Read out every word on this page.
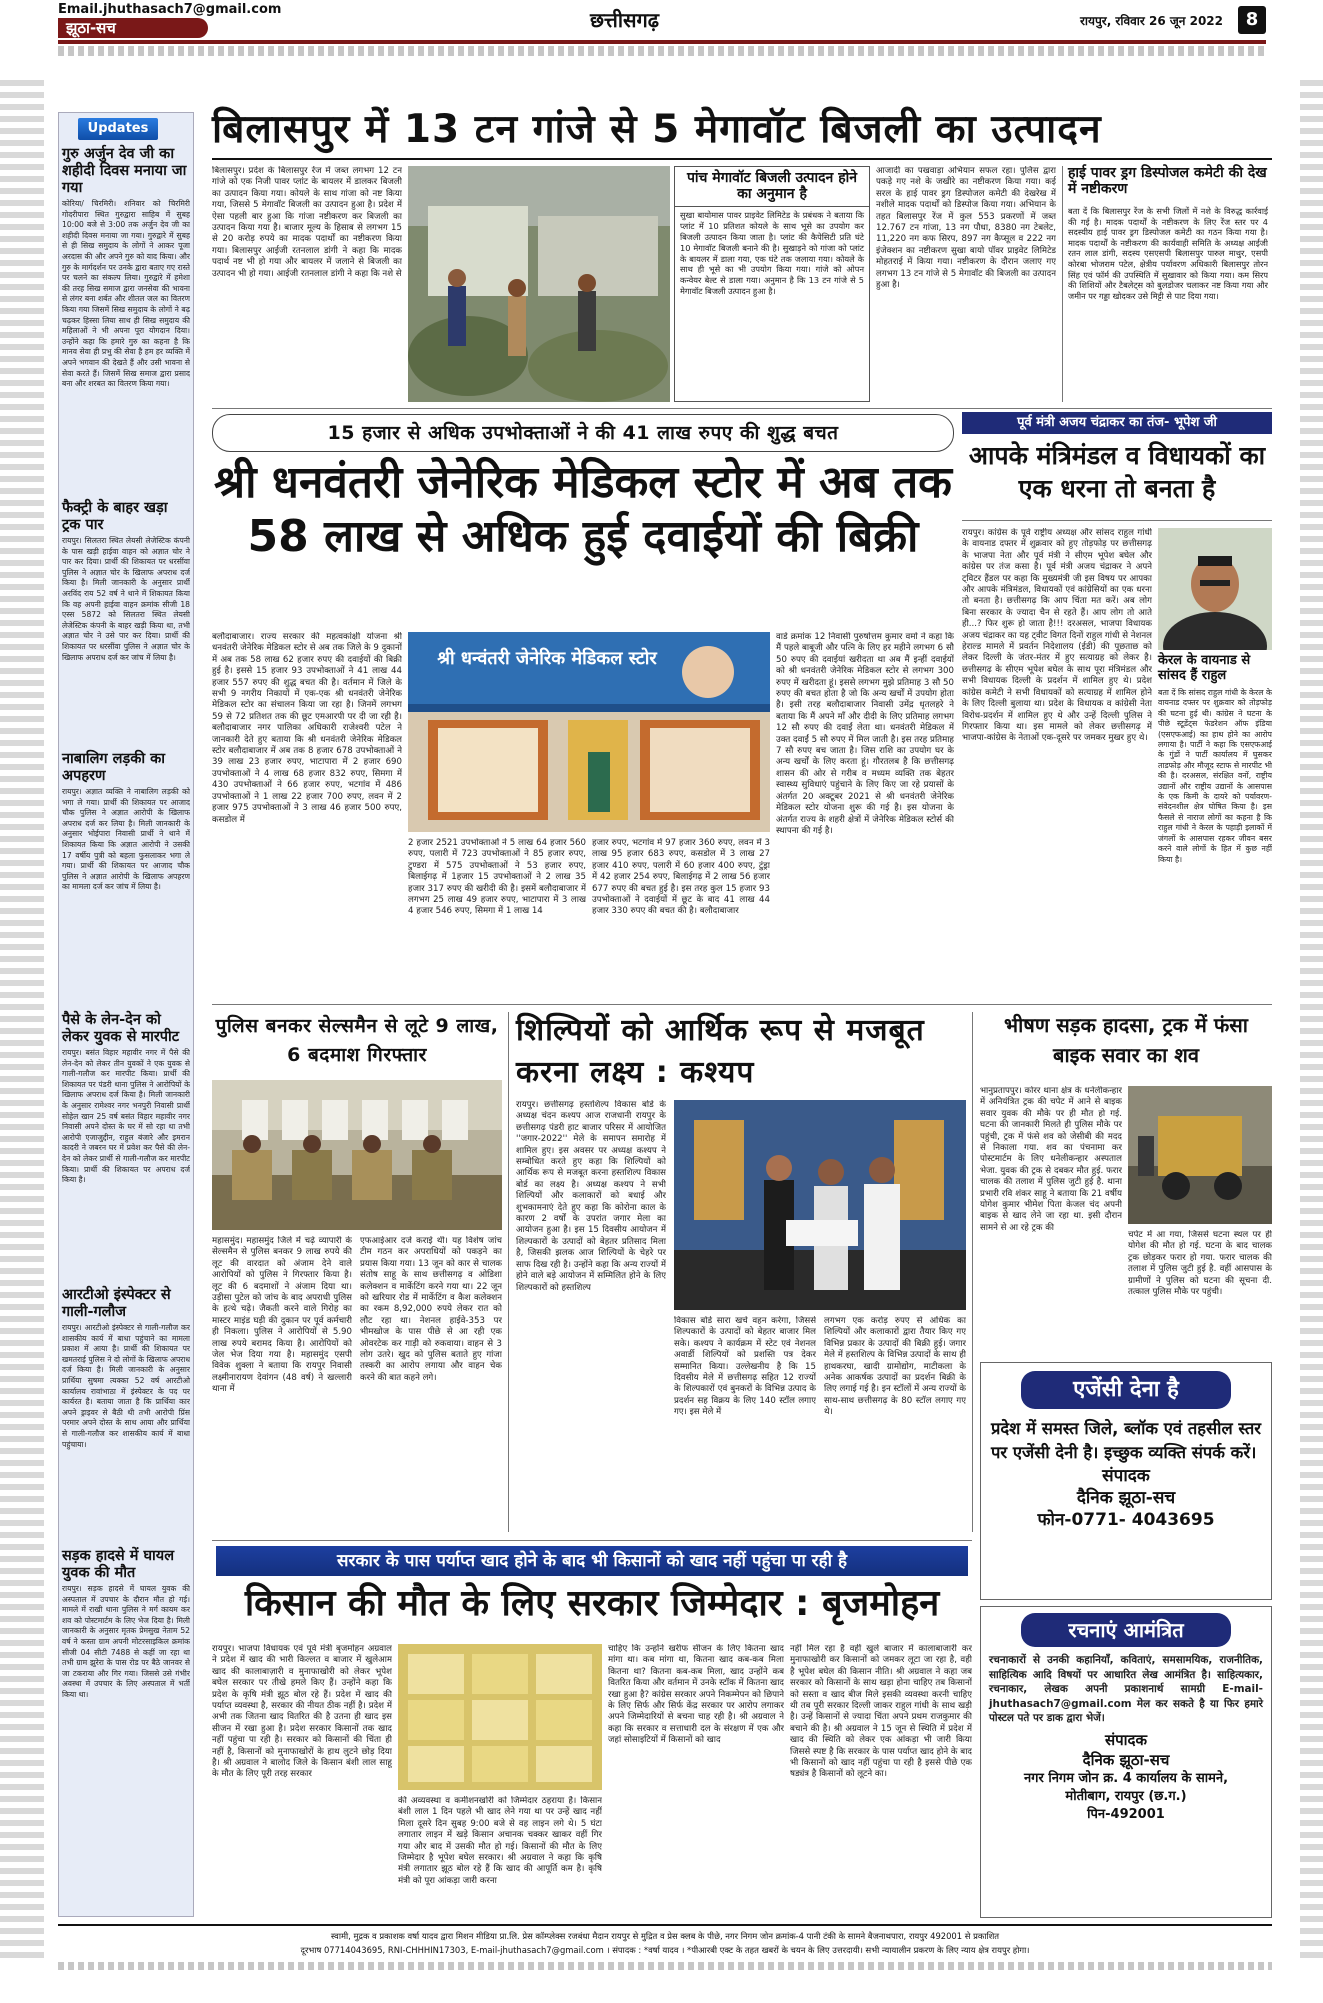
Email.jhuthasach7@gmail.com
झूठा-सच	छत्तीसगढ़	रायपुर, रविवार 26 जून 2022	8
Updates
गुरु अर्जुन देव जी का शहीदी दिवस मनाया जा गया
कोरिया/ चिरमिरी। शनिवार को चिरमिरी गोदरीपारा स्थित गुरुद्वारा साहिब में सुबह 10:00 बजे से 3:00 तक अर्जुन देव जी का शहीदी दिवस मनाया जा गया। गुरुद्वारे में सुबह से ही सिख समुदाय के लोगों ने आकर पूजा अरदास की और अपने गुरु को याद किया। और गुरु के मार्गदर्शन पर उनके द्वारा बताए गए रास्ते पर चलने का संकल्प लिया। गुरुद्वारे में हमेशा की तरह सिख समाज द्वारा जनसेवा की भावना से लंगर बना शर्बत और शीतल जल का वितरण किया गया जिसमें सिख समुदाय के लोगों ने बढ़ चढ़कर हिस्सा लिया साथ ही सिख समुदाय की महिलाओं ने भी अपना पूरा योगदान दिया। उन्होंने कहा कि हमारे गुरु का कहना है कि मानव सेवा ही प्रभु की सेवा है हम हर व्यक्ति में अपने भगवान की देखते हैं और उसी भावना से सेवा करते हैं। जिसमें सिख समाज द्वारा प्रसाद बना और शरबत का वितरण किया गया।
फैक्ट्री के बाहर खड़ा ट्रक पार
रायपुर। सिलतरा स्थित लेयसी लेजेस्टिक कंपनी के पास खड़ी हाईवा वाहन को अज्ञात चोर ने पार कर दिया। प्रार्थी की शिकायत पर धरसींवा पुलिस ने अज्ञात चोर के खिलाफ अपराध दर्ज किया है। मिली जानकारी के अनुसार प्रार्थी अरविंद राय 52 वर्ष ने थाने में शिकायत किया कि वह अपनी हाईवा वाहन क्रमांक सीजी 18 एस्स 5872 को सिलतरा स्थित लेयसी लेजेस्टिक कंपनी के बाहर खड़ी किया था, तभी अज्ञात चोर ने उसे पार कर दिया। प्रार्थी की शिकायत पर धरसींवा पुलिस ने अज्ञात चोर के खिलाफ अपराध दर्ज कर जांच में लिया है।
नाबालिग लड़की का अपहरण
रायपुर। अज्ञात व्यक्ति ने नाबालिग लड़की को भगा ले गया। प्रार्थी की शिकायत पर आजाद चौक पुलिस ने अज्ञात आरोपी के खिलाफ अपराध दर्ज कर लिया है। मिली जानकारी के अनुसार भोईपारा निवासी प्रार्थी ने थाने में शिकायत किया कि अज्ञात आरोपी ने उसकी 17 वर्षीय पुत्री को बहला फुसलाकर भगा ले गया। प्रार्थी की शिकायत पर आजाद चौक पुलिस ने अज्ञात आरोपी के खिलाफ अपहरण का मामला दर्ज कर जांच में लिया है।
पैसे के लेन-देन को लेकर युवक से मारपीट
रायपुर। बसंत विहार महावीर नगर में पैसे की लेन-देन को लेकर तीन युवकों ने एक युवक से गाली-गलौज कर मारपीट किया। प्रार्थी की शिकायत पर पंडरी थाना पुलिस ने आरोपियों के खिलाफ अपराध दर्ज किया है। मिली जानकारी के अनुसार रामेश्वर नगर भनपुरी निवासी प्रार्थी सोहेल खान 25 वर्ष बसंत विहार महावीर नगर निवासी अपने दोस्त के घर में सो रहा था तभी आरोपी एजाजुद्दीन, राहुल बंजारे और इमरान कादरी ने जबरन घर में प्रवेश कर पैसे की लेन-देन को लेकर प्रार्थी से गाली-गलौज कर मारपीट किया। प्रार्थी की शिकायत पर अपराध दर्ज किया है।
आरटीओ इंस्पेक्टर से गाली-गलौज
रायपुर। आरटीओ इंस्पेक्टर से गाली-गलौज कर शासकीय कार्य में बाधा पहुंचाने का मामला प्रकाश में आया है। प्रार्थी की शिकायत पर खमतराई पुलिस ने दो लोगों के खिलाफ अपराध दर्ज किया है। मिली जानकारी के अनुसार प्रार्थिया सुषमा त्यक्का 52 वर्ष आरटीओ कार्यालय रावांभाठा में इंस्पेक्टर के पद पर कार्यरत है। बताया जाता है कि प्रार्थिया कार अपने ड्राइवर से बैठी थी तभी आरोपी प्रिंस परमार अपने दोस्त के साथ आया और प्रार्थिया से गाली-गलौज कर शासकीय कार्य में बाधा पहुंचाया।
सड़क हादसे में घायल युवक की मौत
रायपुर। सड़क हादसे में घायल युवक की अस्पताल में उपचार के दौरान मौत हो गई। मामले में राखी थाना पुलिस ने मर्ग कायम कर शव को पोस्टमार्टम के लिए भेज दिया है। मिली जानकारी के अनुसार मृतक प्रेमसुख नेताम 52 वर्ष ने कस्ता ग्राम अपनी मोटरसाइकिल क्रमांक सीजी 04 सीटी 7488 से कहीं जा रहा था तभी ग्राम झुरेरा के पास रोड पर बैठे जानवर से जा टकराया और गिर गया। जिससे उसे गंभीर अवस्था में उपचार के लिए अस्पताल में भर्ती किया था।
बिलासपुर में 13 टन गांजे से 5 मेगावॉट बिजली का उत्पादन
बिलासपुर। प्रदेश के बिलासपुर रेंज में जब्त लगभग 12 टन गांजे को एक निजी पावर प्लांट के बायलर में डालकर बिजली का उत्पादन किया गया। कोयले के साथ गांजा को नष्ट किया गया, जिससे 5 मेगावॉट बिजली का उत्पादन हुआ है। प्रदेश में ऐसा पहली बार हुआ कि गांजा नष्टीकरण कर बिजली का उत्पादन किया गया है। बाजार मूल्य के हिसाब से लगभग 15 से 20 करोड़ रुपये का मादक पदार्थों का नष्टीकरण किया गया। बिलासपुर आईजी रतनलाल डांगी ने कहा कि मादक पदार्थ नष्ट भी हो गया और बायलर में जलाने से बिजली का उत्पादन भी हो गया। आईजी रतनलाल डांगी ने कहा कि नशे से
पांच मेगावॉट बिजली उत्पादन होने का अनुमान है
सुखा बायोमास पावर प्राइवेट लिमिटेड के प्रबंधक ने बताया कि प्लांट में 10 प्रतिशत कोयले के साथ भूसे का उपयोग कर बिजली उत्पादन किया जाता है। प्लांट की कैपेसिटी प्रति घंटे 10 मेगावॉट बिजली बनाने की है। सुखाड़ने को गांजा को प्लांट के बायलर में डाला गया, एक घंटे तक जलाया गया। कोयले के साथ ही भूसे का भी उपयोग किया गया। गांजे को ओपन कन्वेयर बेल्ट से डाला गया। अनुमान है कि 13 टन गांजे से 5 मेगावॉट बिजली उत्पादन हुआ है।
आजादी का पखवाड़ा अभियान सफल रहा। पुलिस द्वारा पकड़े गए नशे के जखीरे का नष्टीकरण किया गया। कई सरल के हाई पावर ड्रग डिस्पोजल कमेटी की देखरेख में नशीले मादक पदार्थों को डिस्पोज किया गया। अभियान के तहत बिलासपुर रेंज में कुल 553 प्रकरणों में जब्त 12.767 टन गांजा, 13 नग पौधा, 8380 नग टेबलेट, 11,220 नग कफ सिरप, 897 नग कैप्सूल व 222 नग इंजेक्शन का नष्टीकरण सुखा बायो पॉवर प्राइवेट लिमिटेड मोहतराई में किया गया। नष्टीकरण के दौरान जलाए गए लगभग 13 टन गांजे से 5 मेगावॉट की बिजली का उत्पादन हुआ है।
हाई पावर ड्रग डिस्पोजल कमेटी की देख में नष्टीकरण
बता दें कि बिलासपुर रेंज के सभी जिलों में नशे के विरुद्ध कार्रवाई की गई है। मादक पदार्थों के नष्टीकरण के लिए रेंज स्तर पर 4 सदस्यीय हाई पावर ड्रग डिस्पोजल कमेटी का गठन किया गया है। मादक पदार्थों के नष्टीकरण की कार्यवाही समिति के अध्यक्ष आईजी रतन लाल डांगी, सदस्य एसएसपी बिलासपुर पारुल माथुर, एसपी कोरबा भोजराम पटेल, क्षेत्रीय पर्यावरण अधिकारी बिलासपुर तोरन सिंह एवं फॉर्म की उपस्थिति में सुखावार को किया गया। कम सिरप की शिशियों और टैबलेट्स को बुलडोजर चलाकर नष्ट किया गया और जमीन पर गड्डा खोदकर उसे मिट्टी से पाट दिया गया।
15 हजार से अधिक उपभोक्ताओं ने की 41 लाख रुपए की शुद्ध बचत
श्री धनवंतरी जेनेरिक मेडिकल स्टोर में अब तक 58 लाख से अधिक हुई दवाईयों की बिक्री
बलौदाबाजार। राज्य सरकार की महत्वकांक्षी योजना श्री धनवंतरी जेनेरिक मेडिकल स्टोर से अब तक जिले के 9 दुकानों में अब तक 58 लाख 62 हजार रुपए की दवाईयों की बिक्री हुई है। इससे 15 हजार 93 उपभोक्ताओं ने 41 लाख 44 हजार 557 रुपए की शुद्ध बचत की है। वर्तमान में जिले के सभी 9 नगरीय निकायों में एक-एक श्री धनवंतरी जेनेरिक मेडिकल स्टोर का संचालन किया जा रहा है। जिनमें लगभग 59 से 72 प्रतिशत तक की छूट एमआरपी पर दी जा रही है। बलौदाबाजार नगर पालिका अधिकारी राजेश्वरी पटेल ने जानकारी देते हुए बताया कि श्री धनवंतरी जेनेरिक मेडिकल स्टोर बलौदाबाजार में अब तक 8 हजार 678 उपभोक्ताओं ने 39 लाख 23 हजार रुपए, भाटापारा में 2 हजार 690 उपभोक्ताओं ने 4 लाख 68 हजार 832 रुपए, सिमगा में 430 उपभोक्ताओं ने 66 हजार रुपए, भटगांव में 486 उपभोक्ताओं ने 1 लाख 22 हजार 700 रुपए, लवन में 2 हजार 975 उपभोक्ताओं ने 3 लाख 46 हजार 500 रुपए, कसडोल में
श्री धन्वंतरी जेनेरिक मेडिकल स्टोर
2 हजार 2521 उपभोक्ताओं ने 5 लाख 64 हजार 560 रुपए, पलारी में 723 उपभोक्ताओं ने 85 हजार रुपए, टुण्डरा में 575 उपभोक्ताओं ने 53 हजार रुपए, बिलाईगढ़ में 1हजार 15 उपभोक्ताओं ने 2 लाख 35 हजार 317 रुपए की खरीदी की है। इसमें बलौदाबाजार में लगभग 25 लाख 49 हजार रुपए, भाटापारा में 3 लाख 4 हजार 546 रुपए, सिमगा में 1 लाख 14
हजार रुपए, भटगांव में 97 हजार 360 रुपए, लवन में 3 लाख 95 हजार 683 रुपए, कसडोल में 3 लाख 27 हजार 410 रुपए, पलारी में 60 हजार 400 रुपए, टुंड्रा में 42 हजार 254 रुपए, बिलाईगढ़ में 2 लाख 56 हजार 677 रुपए की बचत हुई है। इस तरह कुल 15 हजार 93 उपभोक्ताओं ने दवाईयों में छूट के बाद 41 लाख 44 हजार 330 रुपए की बचत की है। बलौदाबाजार
वार्ड क्रमांक 12 निवासी पुरुषोत्तम कुमार वर्मा ने कहा कि मैं पहले बाबूजी और पत्नि के लिए हर महीने लगभग 6 सौ 50 रुपए की दवाईयां खरीदता था अब मैं इन्हीं दवाईयों को श्री धनवंतरी जेनेरिक मेडिकल स्टोर से लगभग 300 रुपए में खरीदता हूं। इससे लगभग मुझे प्रतिमाह 3 सौ 50 रुपए की बचत होता है जो कि अन्य खर्चों में उपयोग होता है। इसी तरह बलौदाबाजार निवासी उमेंद्र धृतलहरे ने बताया कि मैं अपने माँ और दीदी के लिए प्रतिमाह लगभग 12 सौ रुपए की दवाईं लेता था। धनवंतरी मेडिकल में उक्त दवाईं 5 सौ रुपए में मिल जाती है। इस तरह प्रतिमाह 7 सौ रुपए बच जाता है। जिस राशि का उपयोग घर के अन्य खर्चों के लिए करता हूं। गौरतलब है कि छत्तीसगढ़ शासन की ओर से गरीब व मध्यम व्यक्ति तक बेहतर स्वास्थ्य सुविधाएं पहुंचाने के लिए किए जा रहे प्रयासों के अंतर्गत 20 अक्टूबर 2021 से श्री धनवंतरी जेनेरिक मेडिकल स्टोर योजना शुरू की गई है। इस योजना के अंतर्गत राज्य के शहरी क्षेत्रों में जेनेरिक मेडिकल स्टोर्स की स्थापना की गई है।
पूर्व मंत्री अजय चंद्राकर का तंज- भूपेश जी
आपके मंत्रिमंडल व विधायकों का एक धरना तो बनता है
रायपुर। कांग्रेस के पूर्व राष्ट्रीय अध्यक्ष और सांसद राहुल गांधी के वायनाड दफ्तर में शुक्रवार को हुए तोड़फोड़ पर छत्तीसगढ़ के भाजपा नेता और पूर्व मंत्री ने सीएम भूपेश बघेल और कांग्रेस पर तंज कसा है। पूर्व मंत्री अजय चंद्राकर ने अपने ट्विटर हैंडल पर कहा कि मुख्यमंत्री जी इस विषय पर आपका और आपके मंत्रिमंडल, विधायकों एवं कांग्रेसियों का एक धरना तो बनता है। छत्तीसगढ़ कि आप चिंता मत करें। अब लोग बिना सरकार के ज्यादा चैन से रहते हैं। आप लोग तो आते ही...? फिर शुरू हो जाता है!!! दरअसल, भाजपा विधायक अजय चंद्राकर का यह ट्वीट विगत दिनों राहुल गांधी से नेशनल हेराल्ड मामले में प्रवर्तन निदेशालय (ईडी) की पूछताछ को लेकर दिल्ली के जंतर-मंतर में हुए सत्याग्रह को लेकर है। छत्तीसगढ़ के सीएम भूपेश बघेल के साथ पूरा मंत्रिमंडल और सभी विधायक दिल्ली के प्रदर्शन में शामिल हुए थे। प्रदेश कांग्रेस कमेटी ने सभी विधायकों को सत्याग्रह में शामिल होने के लिए दिल्ली बुलाया था। प्रदेश के विधायक व कांग्रेसी नेता विरोध-प्रदर्शन में शामिल हुए थे और उन्हें दिल्ली पुलिस ने गिरफ्तार किया था। इस मामले को लेकर छत्तीसगढ़ में भाजपा-कांग्रेस के नेताओं एक-दूसरे पर जमकर मुखर हुए थे।
केरल के वायनाड से सांसद हैं राहुल
बता दें कि सांसद राहुल गांधी के केरल के वायनाड दफ्तर पर शुक्रवार को तोड़फोड़ की घटना हुई थी। कांग्रेस ने घटना के पीछे स्टूडेंट्स फेडरेशन ऑफ इंडिया (एसएफआई) का हाथ होने का आरोप लगाया है। पार्टी ने कहा कि एसएफआई के गुंडों ने पार्टी कार्यालय में घुसकर ताडफोड़ और मौजूद स्टाफ से मारपीट भी की है। दरअसल, संरक्षित वनों, राष्ट्रीय उद्यानों और राष्ट्रीय उद्यानों के आसपास के एक किमी के दायरे को पर्यावरण-संवेदनशील क्षेत्र घोषित किया है। इस फैसले से नाराज लोगों का कहना है कि राहुल गांधी ने केरल के पहाड़ी इलाकों में जंगलों के आसपास रहकर जीवन बसर करने वाले लोगों के हित में कुछ नहीं किया है।
पुलिस बनकर सेल्समैन से लूटे 9 लाख, 6 बदमाश गिरफ्तार
महासमुंद। महासमुंद जिले में चढ़े व्यापारी के सेल्समैन से पुलिस बनकर 9 लाख रुपये की लूट की वारदात को अंजाम देने वाले आरोपियों को पुलिस ने गिरफ्तार किया है। लूट की 6 बदमाशों ने अंजाम दिया था। उड़ीसा पुटेल को जांच के बाद अपराधी पुलिस के हत्थे चढ़े। जैकती करने वाले गिरोह का मास्टर माइंड घड़ी की दुकान पर पूर्व कर्मचारी ही निकला। पुलिस ने आरोपियों से 5.90 लाख रुपये बरामद किया है। आरोपियों को जेल भेज दिया गया है। महासमुंद एसपी विवेक शुक्ला ने बताया कि रायपुर निवासी लक्ष्मीनारायण देवांगन (48 वर्ष) ने खल्लारी थाना में
एफआईआर दर्ज कराई थी। यह विशेष जांच टीम गठन कर अपराधियों को पकड़ने का प्रयास किया गया। 13 जून को कार से चालक संतोष साहू के साथ छत्तीसगढ़ व ओडिशा कलेक्शन व मार्केटिंग करने गया था। 22 जून को खरियार रोड में मार्केटिंग व कैश कलेक्शन का रकम 8,92,000 रुपये लेकर रात को लौट रहा था। नेशनल हाईवे-353 पर भीमखोज के पास पीछे से आ रही एक ओवरटेक कर गाड़ी को रुकवाया। वाहन से 3 लोग उतरे। खुद को पुलिस बताते हुए गांजा तस्करी का आरोप लगाया और वाहन चेक करने की बात कहने लगे।
शिल्पियों को आर्थिक रूप से मजबूत करना लक्ष्य : कश्यप
रायपुर। छत्तीसगढ़ हस्तशिल्प विकास बोर्ड के अध्यक्ष चंदन कश्यप आज राजधानी रायपुर के छत्तीसगढ़ पंडरी हाट बाजार परिसर में आयोजित ''जगार-2022'' मेले के समापन समारोह में शामिल हुए। इस अवसर पर अध्यक्ष कश्यप ने सम्बोधित करते हुए कहा कि शिल्पियों को आर्थिक रूप से मजबूत करना हस्तशिल्प विकास बोर्ड का लक्ष्य है। अध्यक्ष कश्यप ने सभी शिल्पियों और कलाकारों को बधाई और शुभकामनाएं देते हुए कहा कि कोरोना काल के कारण 2 वर्षों के उपरांत जगार मेला का आयोजन हुआ है। इस 15 दिवसीय आयोजन में शिल्पकारों के उत्पादों को बेहतर प्रतिसाद मिला है, जिसकी झलक आज शिल्पियों के चेहरे पर साफ दिख रही है। उन्होंने कहा कि अन्य राज्यों में होने वाले बड़े आयोजन में सम्मिलित होने के लिए शिल्पकारों को हस्तशिल्प
विकास बोर्ड सारा खर्च वहन करेगा, जिससे शिल्पकारों के उत्पादों को बेहतर बाजार मिल सके। कश्यप ने कार्यक्रम में स्टेट एवं नेशनल अवार्डी शिल्पियों को प्रशस्ति पत्र देकर सम्मानित किया। उल्लेखनीय है कि 15 दिवसीय मेले में छत्तीसगढ़ सहित 12 राज्यों के शिल्पकारों एवं बुनकरों के विभिन्न उत्पाद के प्रदर्शन सह विक्रय के लिए 140 स्टॉल लगाए गए। इस मेले में
लगभग एक करोड़ रुपए से अधिक का शिल्पियों और कलाकारों द्वारा तैयार किए गए विभिन्न प्रकार के उत्पादों की बिक्री हुई। जगार मेले में हस्तशिल्प के विभिन्न उत्पादों के साथ ही हाथकरघा, खादी ग्रामोद्योग, माटीकला के अनेक आकर्षक उत्पादों का प्रदर्शन बिक्री के लिए लगाई गई है। इन स्टॉलों में अन्य राज्यों के साथ-साथ छत्तीसगढ़ के 80 स्टॉल लगाए गए थे।
भीषण सड़क हादसा, ट्रक में फंसा बाइक सवार का शव
भानुप्रतापपुर। कोरर थाना क्षेत्र के धनेलीकन्हार में अनियंत्रित ट्रक की चपेट में आने से बाइक सवार युवक की मौके पर ही मौत हो गई. घटना की जानकारी मिलते ही पुलिस मौके पर पहुंची, ट्रक में फंसे शव को जेसीबी की मदद से निकाला गया. शव का पंचनामा कर पोस्टमार्टम के लिए धनेलीकन्हार अस्पताल भेजा. युवक की ट्रक से दबकर मौत हुई. फरार चालक की तलाश में पुलिस जुटी हुई है. थाना प्रभारी रवि शंकर साहू ने बताया कि 21 वर्षीय योगेश कुमार भीमेश पिता केजल चंद अपनी बाइक से खाद लेने जा रहा था. इसी दौरान सामने से आ रहे ट्रक की
चपेट में आ गया, जिससे घटना स्थल पर ही योगेश की मौत हो गई. घटना के बाद चालक ट्रक छोड़कर फरार हो गया. फरार चालक की तलाश में पुलिस जुटी हुई है. वहीं आसपास के ग्रामीणों ने पुलिस को घटना की सूचना दी. तत्काल पुलिस मौके पर पहुंची।
एजेंसी देना है
प्रदेश में समस्त जिले, ब्लॉक एवं तहसील स्तर पर एजेंसी देनी है। इच्छुक व्यक्ति संपर्क करें।
संपादक
दैनिक झूठा-सच
फोन-0771- 4043695
सरकार के पास पर्याप्त खाद होने के बाद भी किसानों को खाद नहीं पहुंचा पा रही है
किसान की मौत के लिए सरकार जिम्मेदार : बृजमोहन
रायपुर। भाजपा विधायक एवं पूर्व मंत्री बृजमोहन अग्रवाल ने प्रदेश में खाद की भारी किल्लत व बाजार में खुलेआम खाद की कालाबाज़ारी व मुनाफाखोरी को लेकर भूपेश बघेल सरकार पर तीखे हमले किए हैं। उन्होंने कहा कि प्रदेश के कृषि मंत्री झूठ बोल रहे हैं। प्रदेश में खाद की पर्याप्त व्यवस्था है, सरकार की नीयत ठीक नहीं है। प्रदेश में अभी तक जितना खाद वितरित की है उतना ही खाद इस सीजन में रखा हुआ है। प्रदेश सरकार किसानों तक खाद नहीं पहुंचा पा रही है। सरकार को किसानों की चिंता ही नहीं है, किसानों को मुनाफाखोरों के हाथ लुटने छोड़ दिया है। श्री अग्रवाल ने बालोद जिले के किसान बंशी लाल साहू के मौत के लिए पूरी तरह सरकार
की अव्यवस्था व कमीशनखोरी को जिम्मेदार ठहराया है। किसान बंशी लाल 1 दिन पहले भी खाद लेने गया था पर उन्हें खाद नहीं मिला दूसरे दिन सुबह 9:00 बजे से वह लाइन लगे थे। 5 घंटा लगातार लाइन में खड़े किसान अचानक चक्कर खाकर वहीं गिर गया और बाद में उसकी मौत हो गई। किसानों की मौत के लिए जिम्मेदार है भूपेश बघेल सरकार। श्री अग्रवाल ने कहा कि कृषि मंत्री लगातार झूठ बोल रहे हैं कि खाद की आपूर्ति कम है। कृषि मंत्री को पूरा आंकड़ा जारी करना
चाहिए कि उन्होंने खरीफ सीजन के लिए कितना खाद मांगा था। कब मांगा था, कितना खाद कब-कब मिला कितना था? कितना कब-कब मिला, खाद उन्होंने कब वितरित किया और वर्तमान में उनके स्टॉक में कितना खाद रखा हुआ है? कांग्रेस सरकार अपने निकम्मेपन को छिपाने के लिए सिर्फ और सिर्फ केंद्र सरकार पर आरोप लगाकर अपने जिम्मेदारियों से बचना चाह रही है। श्री अग्रवाल ने कहा कि सरकार व सत्ताधारी दल के संरक्षण में एक और जहां सोसाइटियों में किसानों को खाद
नहीं मिल रहा है वहीं खुले बाजार में कालाबाजारी कर मुनाफाखोरी कर किसानों को जमकर लूटा जा रहा है, वही है भूपेश बघेल की किसान नीति। श्री अग्रवाल ने कहा जब सरकार को किसानों के साथ खड़ा होना चाहिए तब किसानों को सस्ता व खाद बीज मिले इसकी व्यवस्था करनी चाहिए थी तब पूरी सरकार दिल्ली जाकर राहुल गांधी के साथ खड़ी है। उन्हें किसानों से ज्यादा चिंता अपने प्रथम राजकुमार की बचाने की है। श्री अग्रवाल ने 15 जून से स्थिति में प्रदेश में खाद की स्थिति को लेकर एक आंकड़ा भी जारी किया जिससे स्पष्ट है कि सरकार के पास पर्याप्त खाद होने के बाद भी किसानों को खाद नहीं पहुंचा पा रही है इससे पीछे एक षड्यंत्र है किसानों को लूटने का।
रचनाएं आमंत्रित
रचनाकारों से उनकी कहानियाँ, कविताएं, समसामयिक, राजनीतिक, साहित्यिक आदि विषयों पर आधारित लेख आमंत्रित है। साहित्यकार, रचनाकार, लेखक अपनी प्रकाशनार्थ सामग्री E-mail-jhuthasach7@gmail.com मेल कर सकते है या फिर हमारे पोस्टल पते पर डाक द्वारा भेजें।
संपादक
दैनिक झूठा-सच
नगर निगम जोन क्र. 4 कार्यालय के सामने,
मोतीबाग, रायपुर (छ.ग.)
पिन-492001
स्वामी, मुद्रक व प्रकाशक वर्षा यादव द्वारा मिशन मीडिया प्रा.लि. प्रेस कॉम्प्लेक्स रजबंधा मैदान रायपुर से मुद्रित व प्रेस क्लब के पीछे, नगर निगम जोन क्रमांक-4 पानी टंकी के सामने बैजनाथपारा, रायपुर 492001 से प्रकाशित
दूरभाष 07714043695, RNI-CHHHIN17303, E-mail-jhuthasach7@gmail.com । संपादक : *वर्षा यादव । *पीआरबी एक्ट के तहत खबरों के चयन के लिए उत्तरदायी। सभी न्यायालीन प्रकरण के लिए न्याय क्षेत्र रायपुर होगा।
